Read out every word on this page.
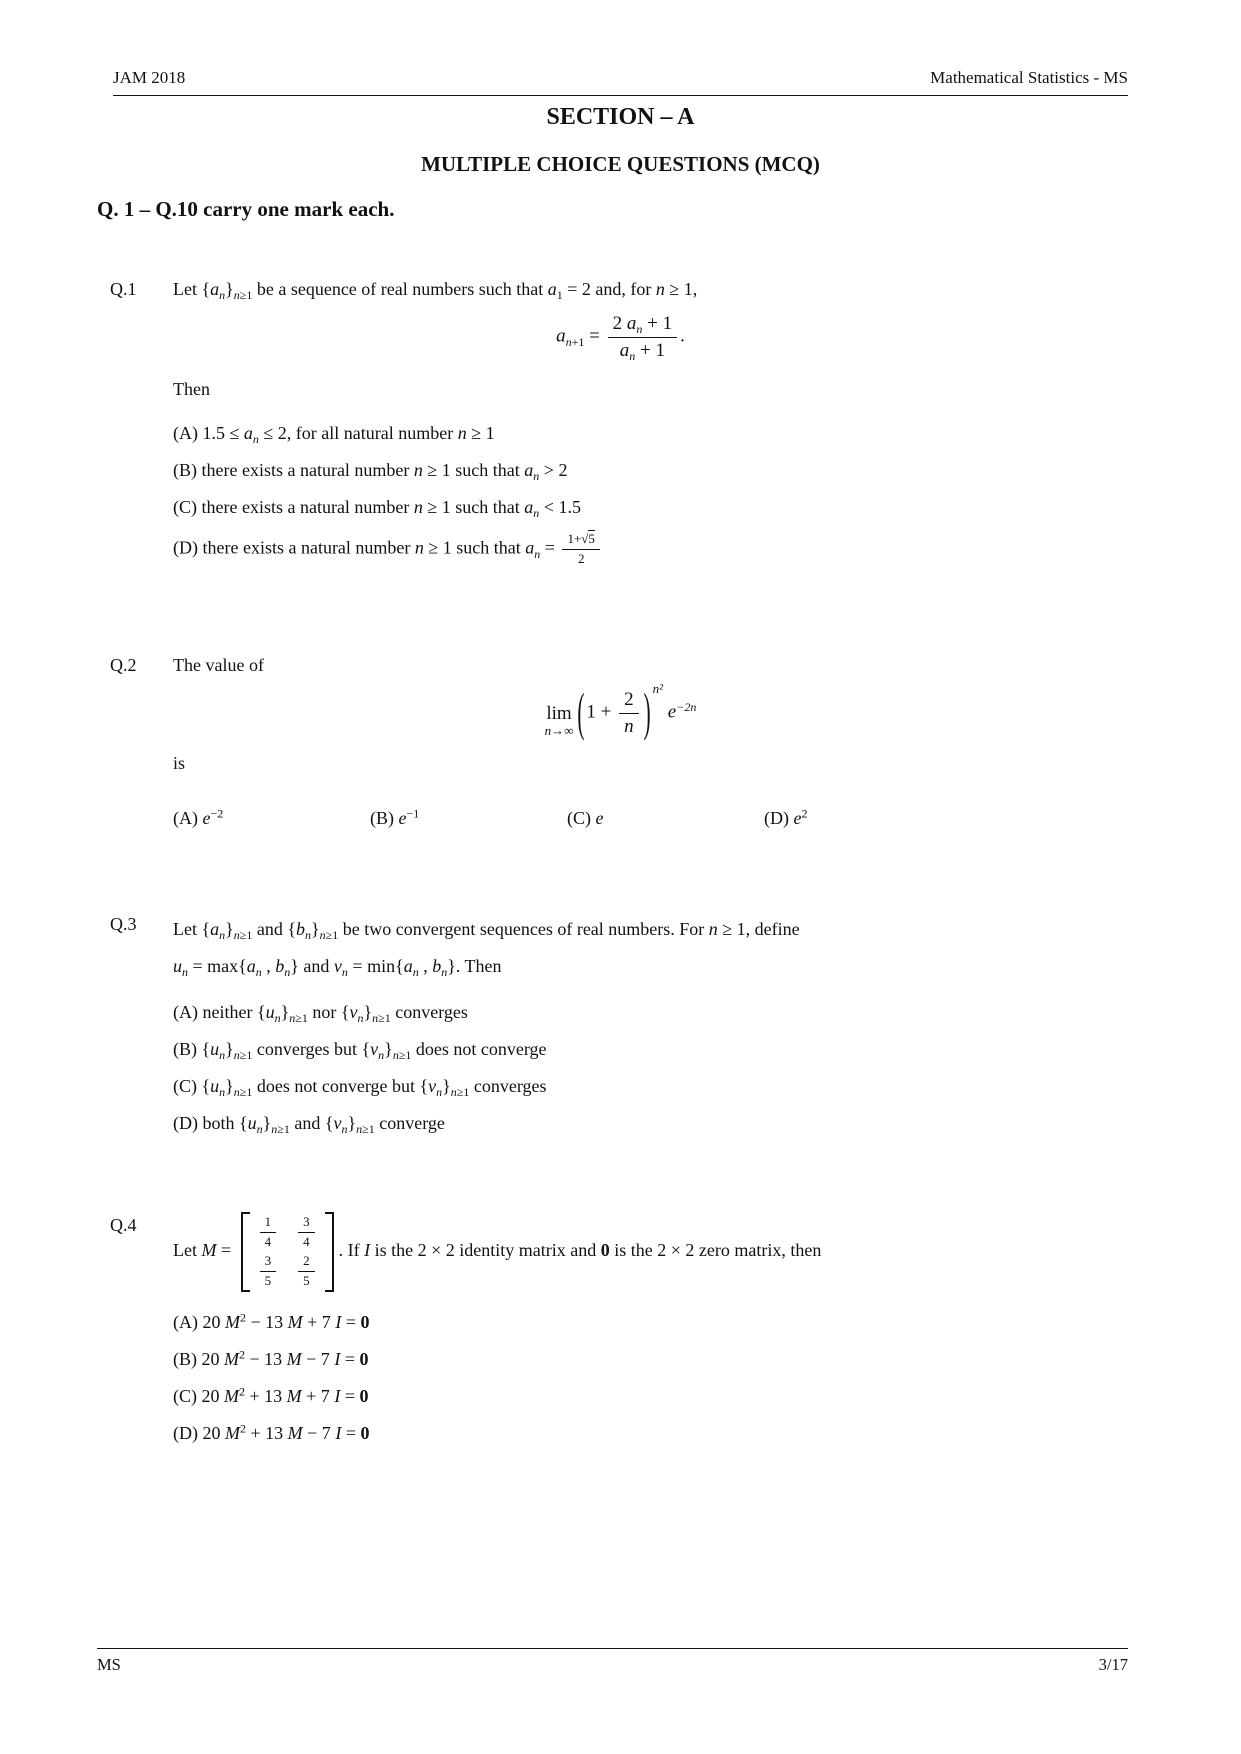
JAM 2018	Mathematical Statistics - MS
SECTION – A
MULTIPLE CHOICE QUESTIONS (MCQ)
Q. 1 – Q.10 carry one mark each.
Q.1	Let $\{a_n\}_{n\ge 1}$ be a sequence of real numbers such that $a_1 = 2$ and, for n ≥ 1,
$a_{n+1} = \frac{2 a_n + 1}{a_n + 1}$ .
Then
(A) $1.5 \le a_n \le 2$, for all natural number n ≥ 1
(B) there exists a natural number n ≥ 1 such that $a_n > 2$
(C) there exists a natural number n ≥ 1 such that $a_n < 1.5$
(D) there exists a natural number n ≥ 1 such that $a_n = \frac{1+√5}{2}$
Q.2	The value of
lim
n→∞ ( $1 + \frac{2}{n}$ ) n² $e^{-2n}$
is
(A) $e^{-2}$	(B) $e^{-1}$	(C) e	(D) $e^2$
Q.3	Let $\{a_n\}_{n\ge 1}$ and $\{b_n\}_{n\ge 1}$ be two convergent sequences of real numbers. For n ≥ 1, define
$u_n = \max\{a_n$ , $b_n$} and $v_n = \min\{a_n$ , $b_n$}. Then
(A) neither $\{u_n\}_{n\ge 1}$ nor $\{v_n\}_{n\ge 1}$ converges
(B) $\{u_n\}_{n\ge 1}$ converges but $\{v_n\}_{n\ge 1}$ does not converge
(C) $\{u_n\}_{n\ge 1}$ does not converge but $\{v_n\}_{n\ge 1}$ converges
(D) both $\{u_n\}_{n\ge 1}$ and $\{v_n\}_{n\ge 1}$ converge
Q.4
Let M =
$\frac{1}{4} \frac{3}{4}$
$\frac{3}{5} \frac{2}{5}$
. If I is the 2 × 2 identity matrix and 0 is the 2 × 2 zero matrix, then
(A) 20 $M^2 - 13$ M + 7 I = 0
(B) 20 $M^2 - 13$ M − 7 I = 0
(C) 20 $M^2 + 13$ M + 7 I = 0
(D) 20 $M^2 + 13$ M − 7 I = 0
MS	3/17
